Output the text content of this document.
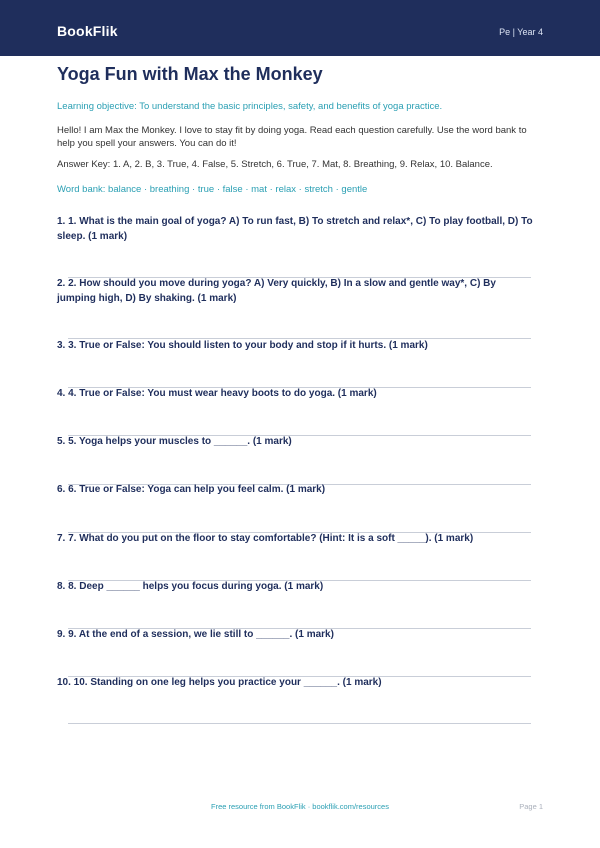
BookFlik	Pe | Year 4
Yoga Fun with Max the Monkey
Learning objective: To understand the basic principles, safety, and benefits of yoga practice.
Hello! I am Max the Monkey. I love to stay fit by doing yoga. Read each question carefully. Use the word bank to help you spell your answers. You can do it!
Answer Key: 1. A, 2. B, 3. True, 4. False, 5. Stretch, 6. True, 7. Mat, 8. Breathing, 9. Relax, 10. Balance.
Word bank: balance · breathing · true · false · mat · relax · stretch · gentle
1. 1. What is the main goal of yoga? A) To run fast, B) To stretch and relax*, C) To play football, D) To sleep. (1 mark)
2. 2. How should you move during yoga? A) Very quickly, B) In a slow and gentle way*, C) By jumping high, D) By shaking. (1 mark)
3. 3. True or False: You should listen to your body and stop if it hurts. (1 mark)
4. 4. True or False: You must wear heavy boots to do yoga. (1 mark)
5. 5. Yoga helps your muscles to ______. (1 mark)
6. 6. True or False: Yoga can help you feel calm. (1 mark)
7. 7. What do you put on the floor to stay comfortable? (Hint: It is a soft _____). (1 mark)
8. 8. Deep ______ helps you focus during yoga. (1 mark)
9. 9. At the end of a session, we lie still to ______. (1 mark)
10. 10. Standing on one leg helps you practice your ______. (1 mark)
Free resource from BookFlik · bookflik.com/resources	Page 1
